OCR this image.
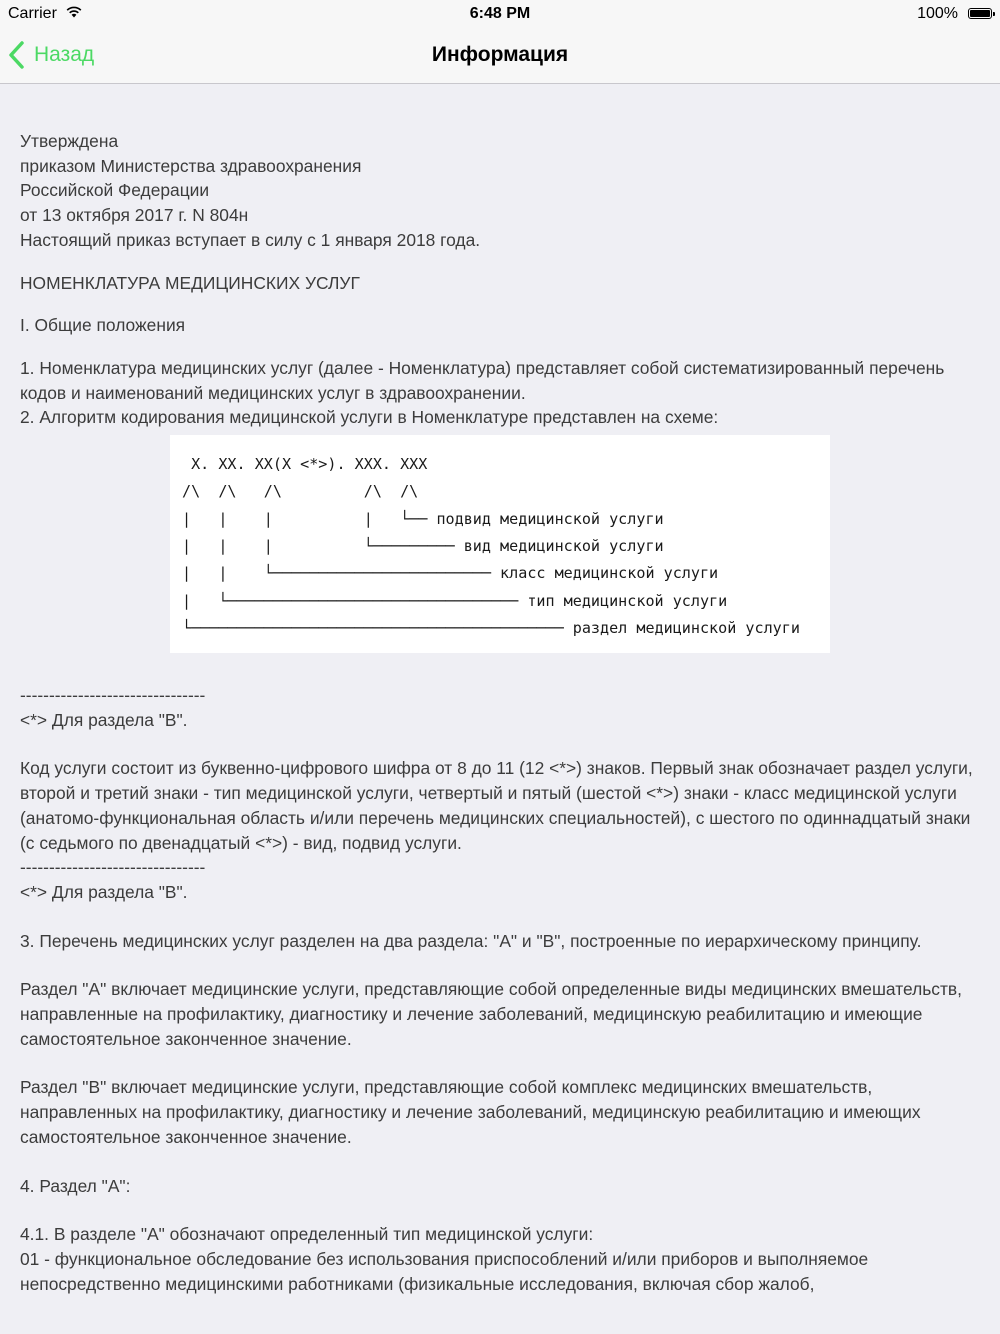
Carrier	6:48 PM	100%
Назад	Информация

Утверждена
приказом Министерства здравоохранения
Российской Федерации
от 13 октября 2017 г. N 804н
Настоящий приказ вступает в силу с 1 января 2018 года.

НОМЕНКЛАТУРА МЕДИЦИНСКИХ УСЛУГ

I. Общие положения

1. Номенклатура медицинских услуг (далее - Номенклатура) представляет собой систематизированный перечень кодов и наименований медицинских услуг в здравоохранении.
2. Алгоритм кодирования медицинской услуги в Номенклатуре представлен на схеме:

X. XX. XX(X <*>). XXX. XXX
/\  /\   /\         /\  /\
|   |    |          |   └── подвид медицинской услуги
|   |    |          └───────── вид медицинской услуги
|   |    └──────────────────────── класс медицинской услуги
|   └──────────────────────────────── тип медицинской услуги
└───────────────────────────────────────── раздел медицинской услуги

--------------------------------

<*> Для раздела "B".

Код услуги состоит из буквенно-цифрового шифра от 8 до 11 (12 <*>) знаков. Первый знак обозначает раздел услуги, второй и третий знаки - тип медицинской услуги, четвертый и пятый (шестой <*>) знаки - класс медицинской услуги (анатомо-функциональная область и/или перечень медицинских специальностей), с шестого по одиннадцатый знаки (с седьмого по двенадцатый <*>) - вид, подвид услуги.

--------------------------------

<*> Для раздела "B".

3. Перечень медицинских услуг разделен на два раздела: "A" и "B", построенные по иерархическому принципу.

Раздел "A" включает медицинские услуги, представляющие собой определенные виды медицинских вмешательств, направленные на профилактику, диагностику и лечение заболеваний, медицинскую реабилитацию и имеющие самостоятельное законченное значение.

Раздел "B" включает медицинские услуги, представляющие собой комплекс медицинских вмешательств, направленных на профилактику, диагностику и лечение заболеваний, медицинскую реабилитацию и имеющих самостоятельное законченное значение.

4. Раздел "A":

4.1. В разделе "A" обозначают определенный тип медицинской услуги:
01 - функциональное обследование без использования приспособлений и/или приборов и выполняемое непосредственно медицинскими работниками (физикальные исследования, включая сбор жалоб,
